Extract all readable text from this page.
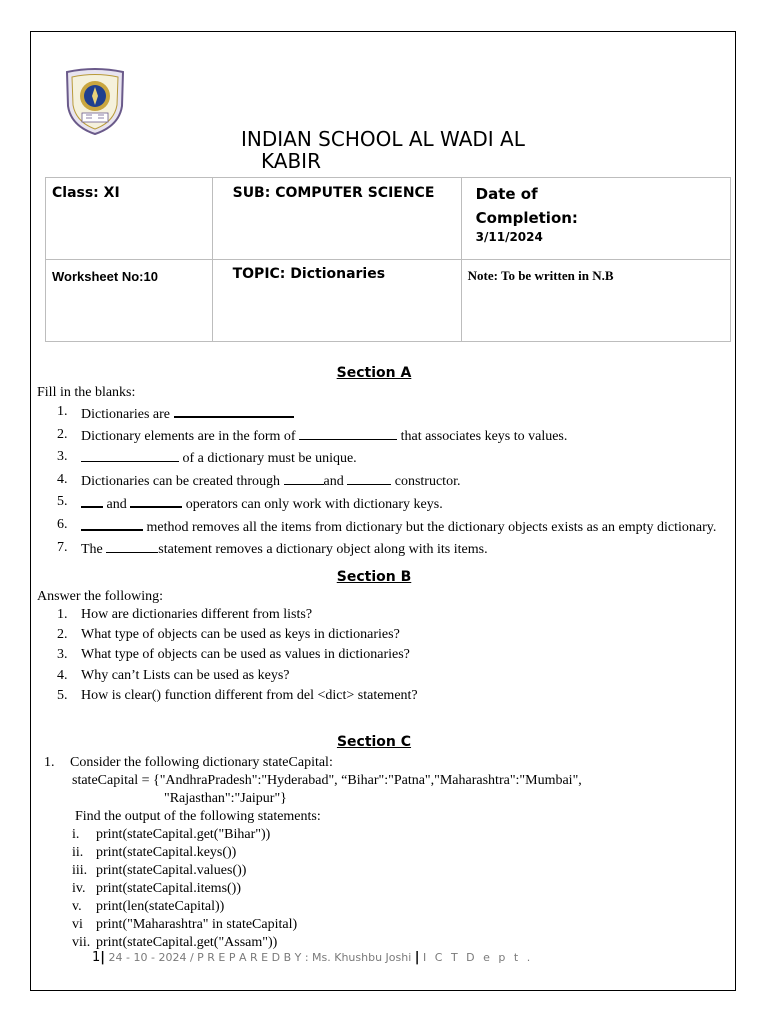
INDIAN SCHOOL AL WADI AL
KABIR
Class: XI	SUB: COMPUTER SCIENCE	Date of
Completion:
3/11/2024

Worksheet No:10	TOPIC: Dictionaries	Note: To be written in N.B
Section A
Fill in the blanks:
1. Dictionaries are
2. Dictionary elements are in the form of	that associates keys to values.
3.	of a dictionary must be unique.
4. Dictionaries can be created through	and	constructor.
5.	and	operators can only work with dictionary keys.
6.	method removes all the items from dictionary but the dictionary objects exists as an empty dictionary.
7. The	statement removes a dictionary object along with its items.
Section B
Answer the following:
1. How are dictionaries different from lists?
2. What type of objects can be used as keys in dictionaries?
3. What type of objects can be used as values in dictionaries?
4. Why can’t Lists can be used as keys?
5. How is clear() function different from del <dict> statement?
Section C
1. Consider the following dictionary stateCapital:
stateCapital = {"AndhraPradesh":"Hyderabad", “Bihar":"Patna","Maharashtra":"Mumbai",
"Rajasthan":"Jaipur"}
Find the output of the following statements:
i. print(stateCapital.get("Bihar"))
ii. print(stateCapital.keys())
iii. print(stateCapital.values())
iv. print(stateCapital.items())
v. print(len(stateCapital))
vi print("Maharashtra" in stateCapital)
vii. print(stateCapital.get("Assam"))
1| 24 - 10 - 2024 / P R E P A R E D B Y : Ms. Khushbu Joshi | I C T D e p t .
